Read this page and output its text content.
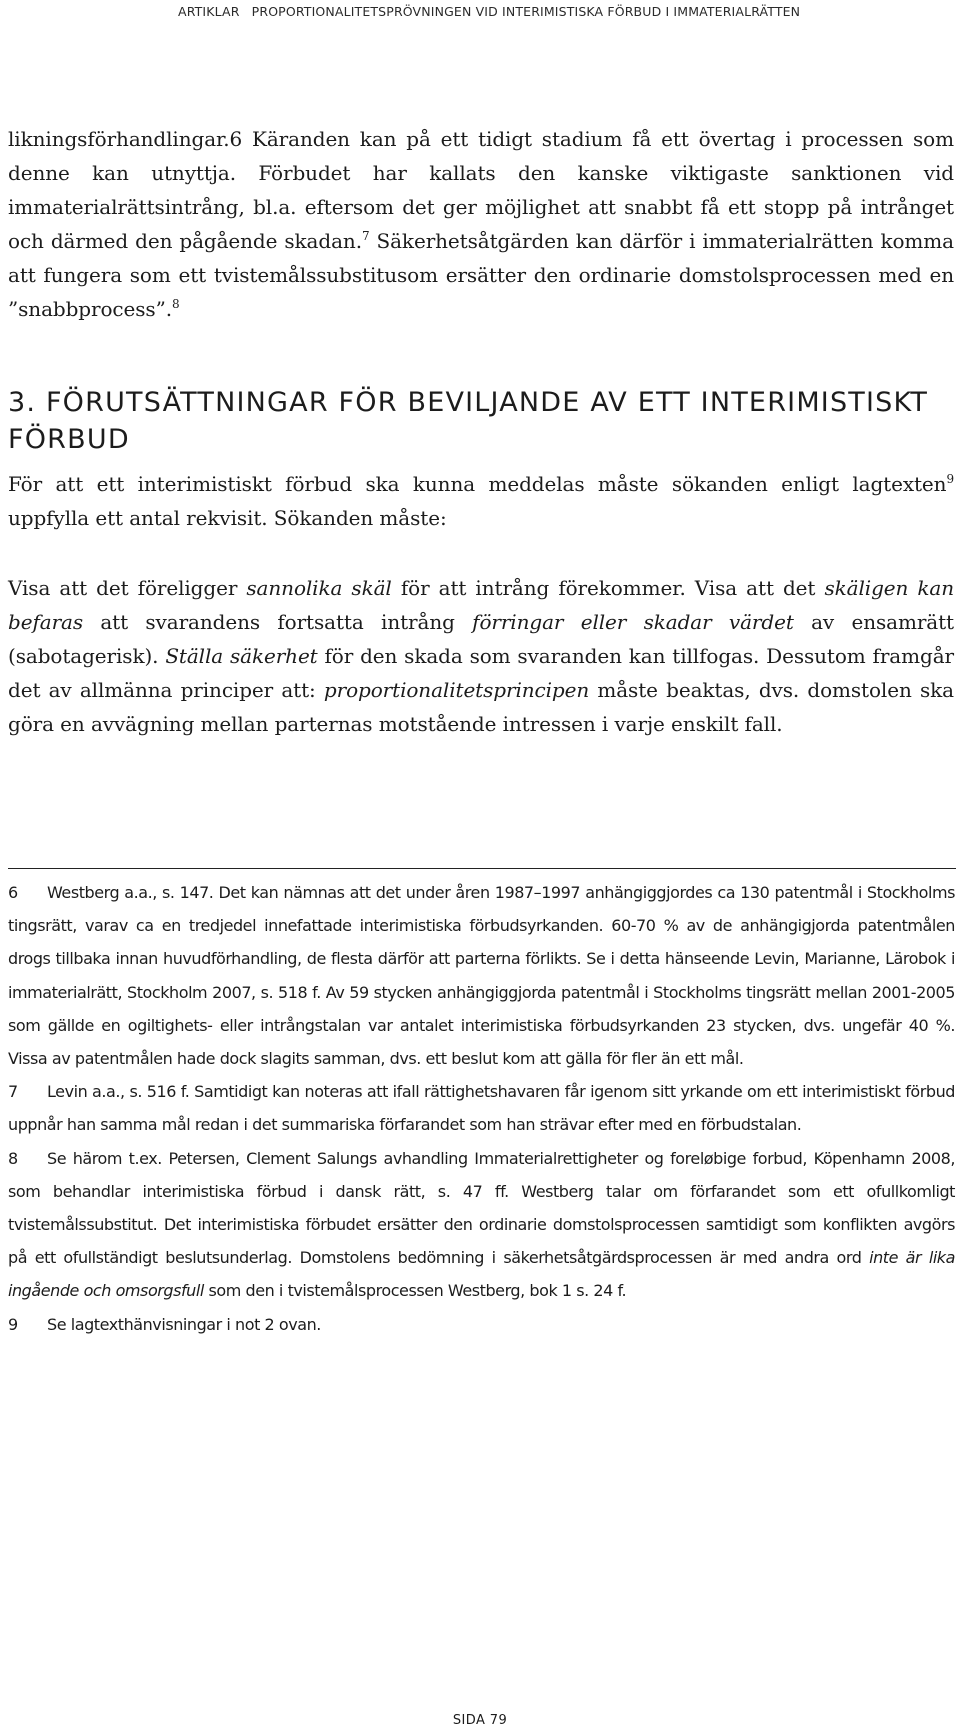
ARTIKLAR PROPORTIONALITETSPRÖVNINGEN VID INTERIMISTISKA FÖRBUD I IMMATERIALRÄTTEN

likningsförhandlingar.6 Käranden kan på ett tidigt stadium få ett övertag i processen som denne kan utnyttja. Förbudet har kallats den kanske viktigaste sanktionen vid immaterialrättsintrång, bl.a. eftersom det ger möjlighet att snabbt få ett stopp på intrånget och därmed den pågående skadan.$^7$ Säkerhetsåtgärden kan därför i immaterialrätten komma att fungera som ett tvistemålssubstitusom ersätter den ordinarie domstolsprocessen med en ”snabbprocess”.$^8$

3. FÖRUTSÄTTNINGAR FÖR BEVILJANDE AV ETT INTERIMISTISKT FÖRBUD

För att ett interimistiskt förbud ska kunna meddelas måste sökanden enligt lagtexten$^9$ uppfylla ett antal rekvisit. Sökanden måste:

Visa att det föreligger sannolika skäl för att intrång förekommer. Visa att det skäligen kan befaras att svarandens fortsatta intrång förringar eller skadar värdet av ensamrätt (sabotagerisk). Ställa säkerhet för den skada som svaranden kan tillfogas. Dessutom framgår det av allmänna principer att: proportionalitetsprincipen måste beaktas, dvs. domstolen ska göra en avvägning mellan parternas motstående intressen i varje enskilt fall.

6 Westberg a.a., s. 147. Det kan nämnas att det under åren 1987–1997 anhängiggjordes ca 130 patentmål i Stockholms tingsrätt, varav ca en tredjedel innefattade interimistiska förbudsyrkanden. 60-70 % av de anhängigjorda patentmålen drogs tillbaka innan huvudförhandling, de flesta därför att parterna förlikts. Se i detta hänseende Levin, Marianne, Lärobok i immaterialrätt, Stockholm 2007, s. 518 f. Av 59 stycken anhängiggjorda patentmål i Stockholms tingsrätt mellan 2001-2005 som gällde en ogiltighets- eller intrångstalan var antalet interimistiska förbudsyrkanden 23 stycken, dvs. ungefär 40 %. Vissa av patentmålen hade dock slagits samman, dvs. ett beslut kom att gälla för fler än ett mål.

7 Levin a.a., s. 516 f. Samtidigt kan noteras att ifall rättighetshavaren får igenom sitt yrkande om ett interimistiskt förbud uppnår han samma mål redan i det summariska förfarandet som han strävar efter med en förbudstalan.

8 Se härom t.ex. Petersen, Clement Salungs avhandling Immaterialrettigheter og foreløbige forbud, Köpenhamn 2008, som behandlar interimistiska förbud i dansk rätt, s. 47 ff. Westberg talar om förfarandet som ett ofullkomligt tvistemålssubstitut. Det interimistiska förbudet ersätter den ordinarie domstolsprocessen samtidigt som konflikten avgörs på ett ofullständigt beslutsunderlag. Domstolens bedömning i säkerhetsåtgärdsprocessen är med andra ord inte är lika ingående och omsorgsfull som den i tvistemålsprocessen Westberg, bok 1 s. 24 f.

9 Se lagtexthänvisningar i not 2 ovan.

SIDA 79
